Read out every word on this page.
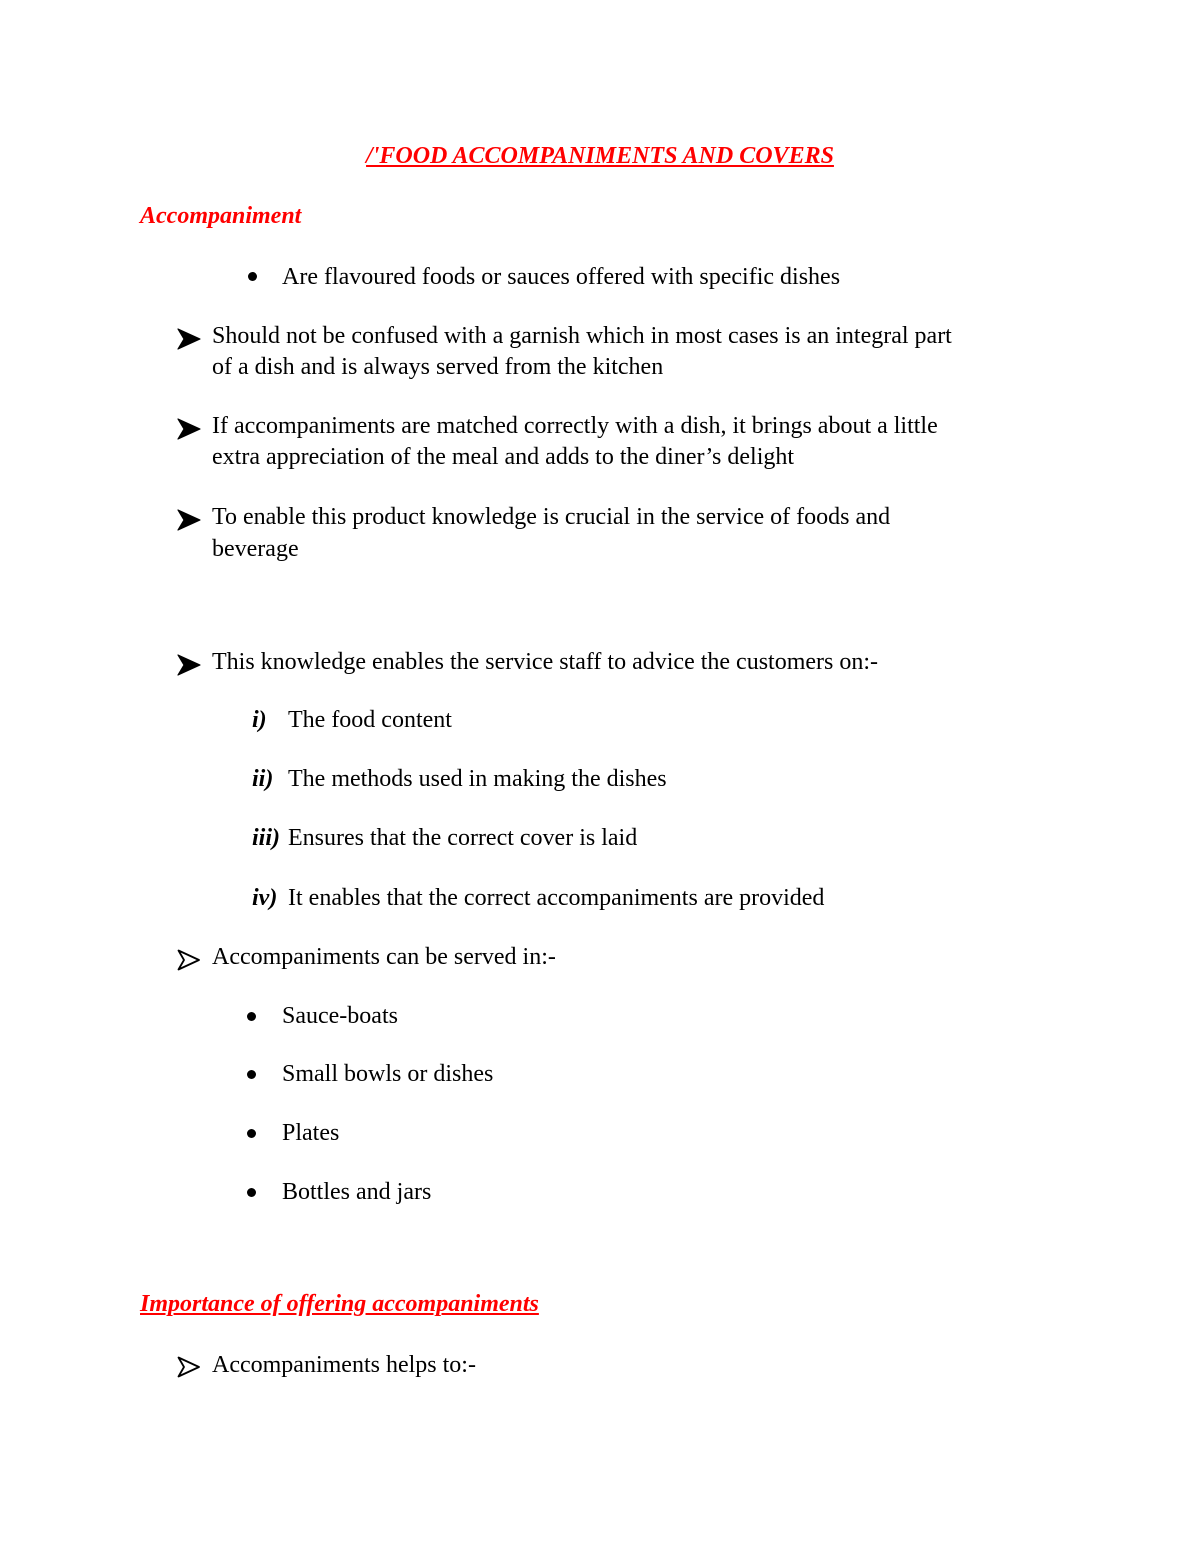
/'FOOD ACCOMPANIMENTS AND COVERS
Accompaniment
Are flavoured foods or sauces offered with specific dishes
Should not be confused with a garnish which in most cases is an integral part
of a dish and is always served from the kitchen
If accompaniments are matched correctly with a dish, it brings about a little
extra appreciation of the meal and adds to the diner’s delight
To enable this product knowledge is crucial in the service of foods and
beverage
This knowledge enables the service staff to advice the customers on:-
i) The food content
ii) The methods used in making the dishes
iii) Ensures that the correct cover is laid
iv) It enables that the correct accompaniments are provided
Accompaniments can be served in:-
Sauce-boats
Small bowls or dishes
Plates
Bottles and jars
Importance of offering accompaniments
Accompaniments helps to:-
